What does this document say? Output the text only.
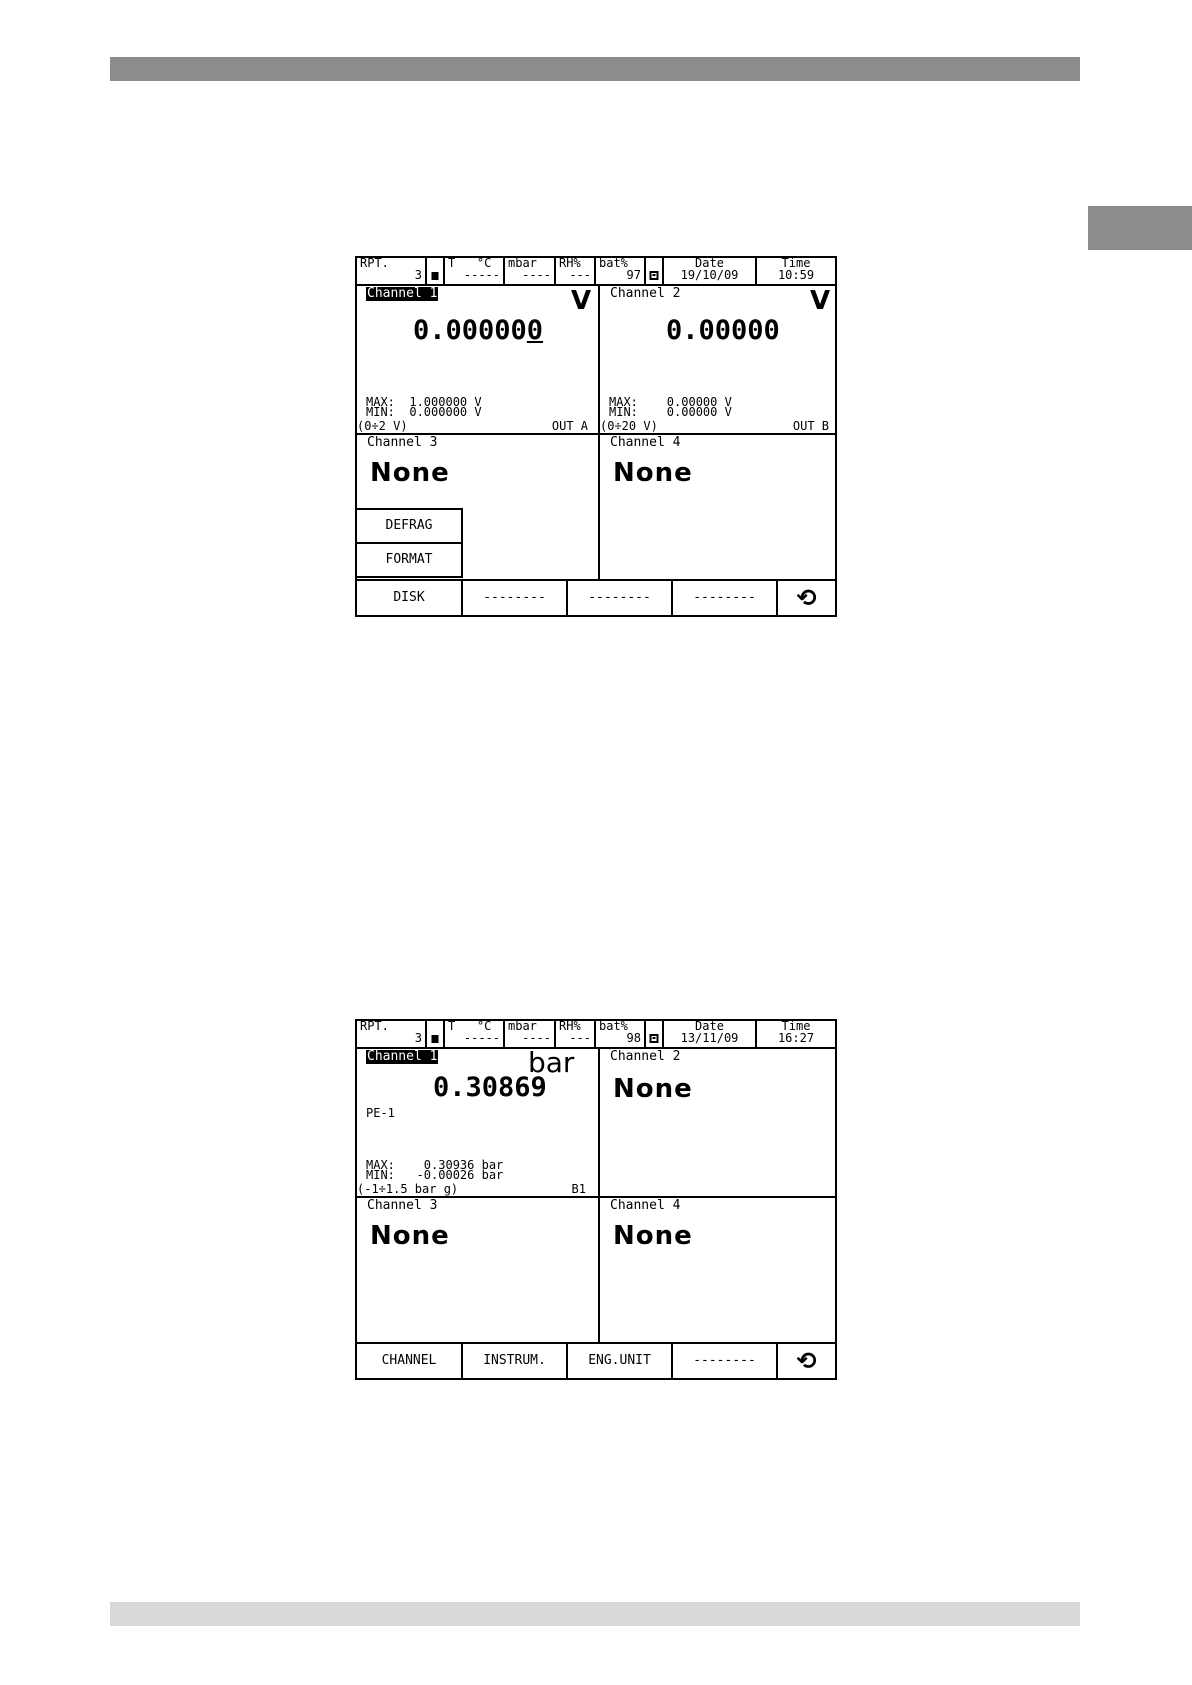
RPT.
3
T   °C
-----
mbar
----
RH%
---
bat%
97
Date
19/10/09
Time
10:59
Channel 1	V
0.000000
MAX:  1.000000 V
MIN:  0.000000 V
(0÷2 V)	OUT A
Channel 2	V
0.00000
MAX:    0.00000 V
MIN:    0.00000 V
(0÷20 V)	OUT B
Channel 3
None
Channel 4
None
DEFRAG
FORMAT
DISK	--------	--------	--------	⟲
RPT.
3
T   °C
-----
mbar
----
RH%
---
bat%
98
Date
13/11/09
Time
16:27
Channel 1	bar
0.30869
PE-1
MAX:    0.30936 bar
MIN:   -0.00026 bar
(-1÷1.5 bar g)	B1
Channel 2
None
Channel 3
None
Channel 4
None
CHANNEL	INSTRUM.	ENG.UNIT	--------	⟲
